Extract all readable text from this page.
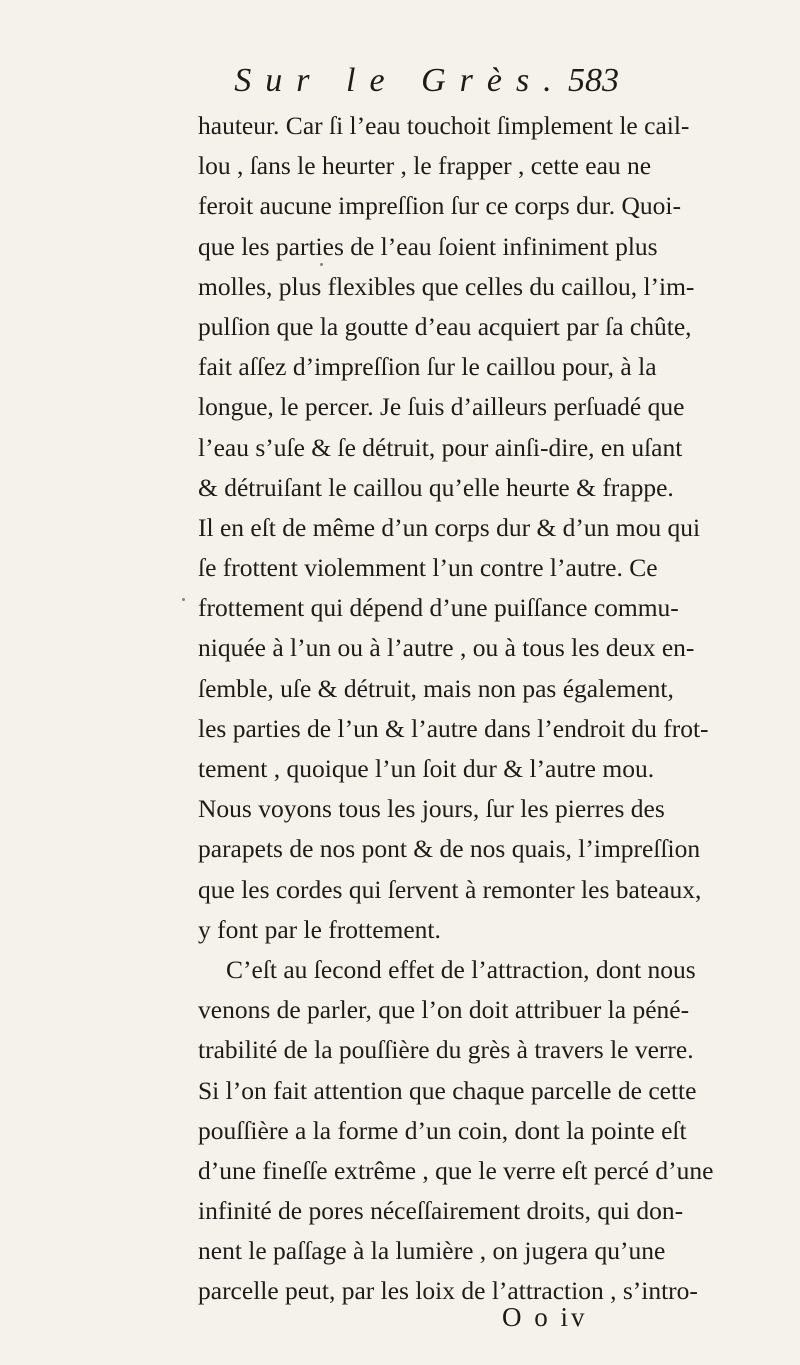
Sur le Grès. 583
hauteur. Car ſi l’eau touchoit ſimplement le cail-
lou , ſans le heurter , le frapper , cette eau ne
feroit aucune impreſſion ſur ce corps dur. Quoi-
que les parties de l’eau ſoient infiniment plus
molles, plus flexibles que celles du caillou, l’im-
pulſion que la goutte d’eau acquiert par ſa chûte,
fait aſſez d’impreſſion ſur le caillou pour, à la
longue, le percer. Je ſuis d’ailleurs perſuadé que
l’eau s’uſe & ſe détruit, pour ainſi-dire, en uſant
& détruiſant le caillou qu’elle heurte & frappe.
Il en eſt de même d’un corps dur & d’un mou qui
ſe frottent violemment l’un contre l’autre. Ce
frottement qui dépend d’une puiſſance commu-
niquée à l’un ou à l’autre , ou à tous les deux en-
ſemble, uſe & détruit, mais non pas également,
les parties de l’un & l’autre dans l’endroit du frot-
tement , quoique l’un ſoit dur & l’autre mou.
Nous voyons tous les jours, ſur les pierres des
parapets de nos pont & de nos quais, l’impreſſion
que les cordes qui ſervent à remonter les bateaux,
y font par le frottement.
C’eſt au ſecond effet de l’attraction, dont nous
venons de parler, que l’on doit attribuer la péné-
trabilité de la pouſſière du grès à travers le verre.
Si l’on fait attention que chaque parcelle de cette
pouſſière a la forme d’un coin, dont la pointe eſt
d’une fineſſe extrême , que le verre eſt percé d’une
infinité de pores néceſſairement droits, qui don-
nent le paſſage à la lumière , on jugera qu’une
parcelle peut, par les loix de l’attraction , s’intro-
O o iv
